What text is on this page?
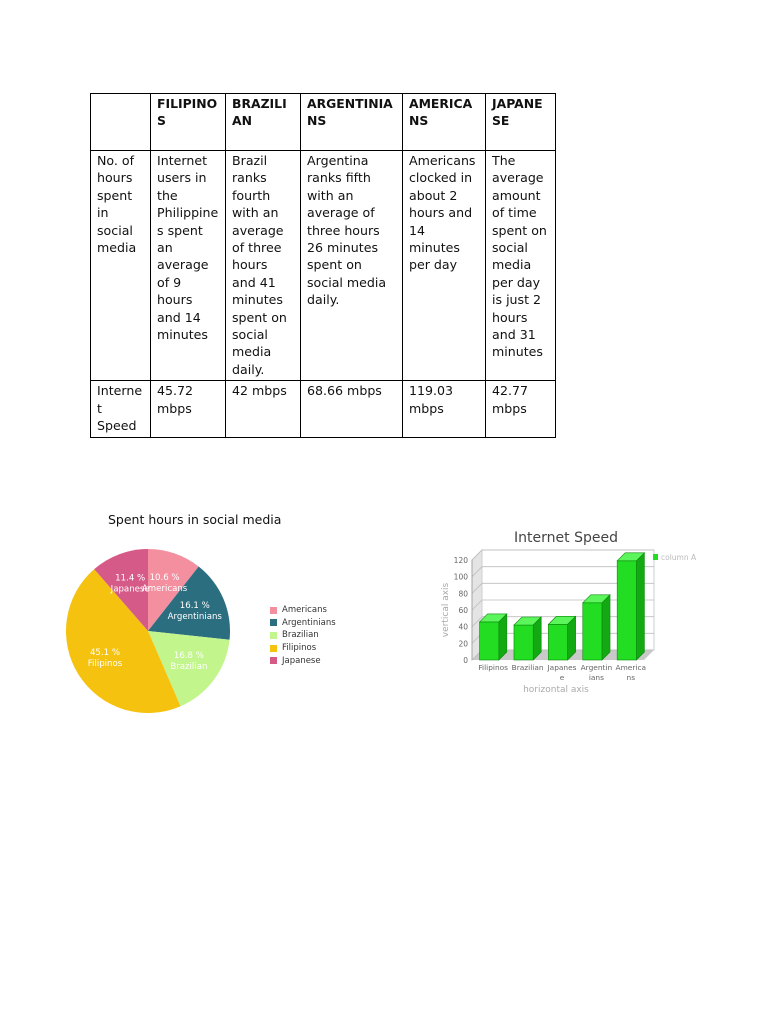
	FILIPINOS	BRAZILIAN	ARGENTINIANS	AMERICANS	JAPANESE
No. of hours spent in social media	Internet users in the Philippines spent an average of 9 hours and 14 minutes	Brazil ranks fourth with an average of three hours and 41 minutes spent on social media daily.	Argentina ranks fifth with an average of three hours 26 minutes spent on social media daily.	Americans clocked in about 2 hours and 14 minutes per day	The average amount of time spent on social media per day is just 2 hours and 31 minutes
Internet Speed	45.72 mbps	42 mbps	68.66 mbps	119.03 mbps	42.77 mbps
Spent hours in social media
10.6 %
Americans
16.1 %
Argentinians
16.8 %
Brazilian
45.1 %
Filipinos
11.4 %
Japanese
Americans
Argentinians
Brazilian
Filipinos
Japanese
Internet Speed
0
20
40
60
80
100
120
Filipinos Brazilian Japanes
e
Argentin
ians
America
ns
horizontal axis
vertical axis
column A
